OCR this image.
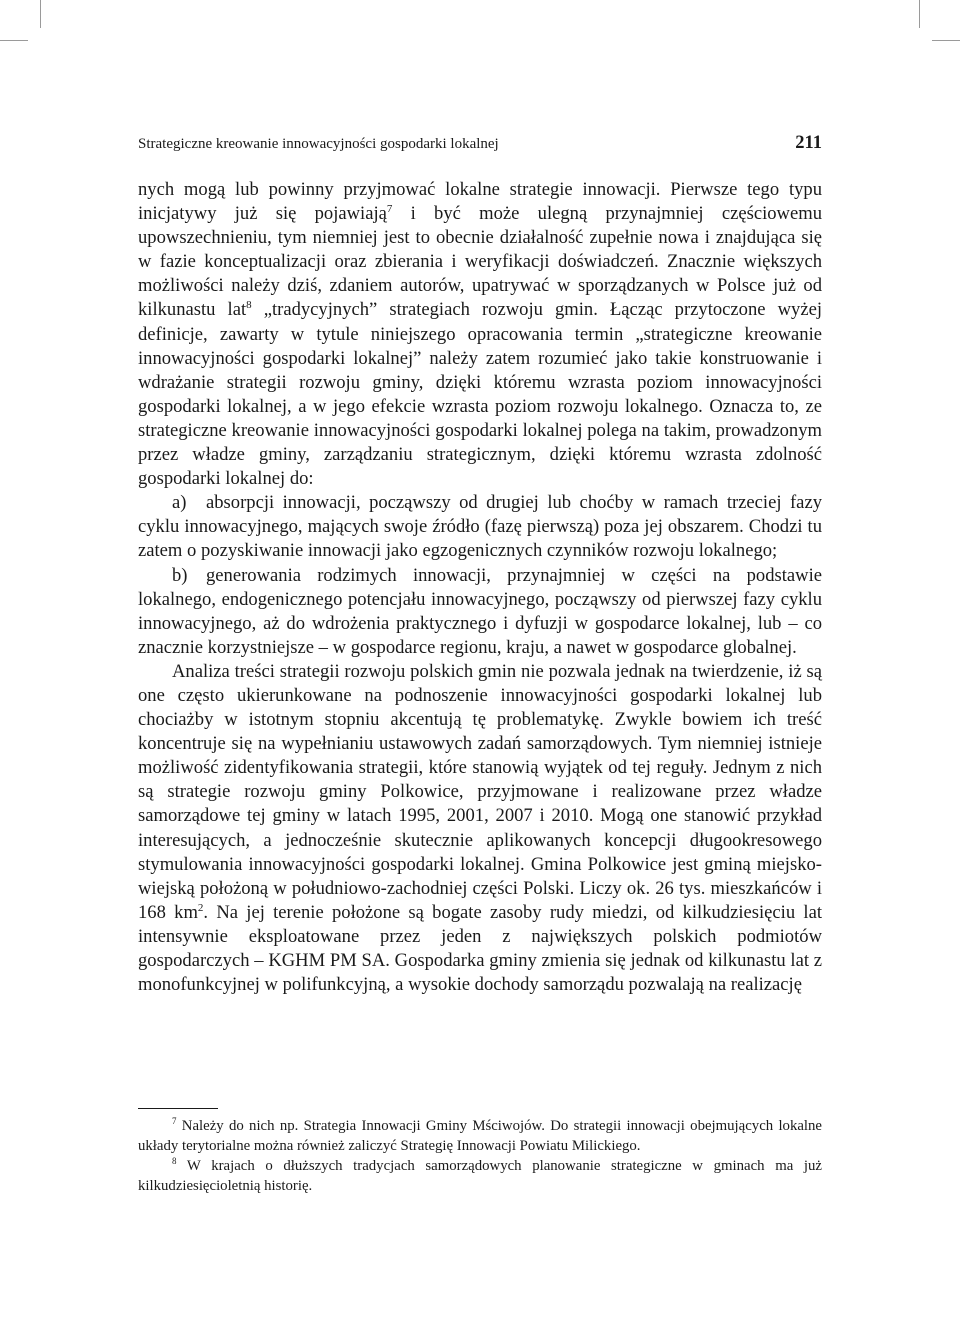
Strategiczne kreowanie innowacyjności gospodarki lokalnej	211

nych mogą lub powinny przyjmować lokalne strategie innowacji. Pierwsze tego typu inicjatywy już się pojawiają$^7$ i być może ulegną przynajmniej częściowemu upowszechnieniu, tym niemniej jest to obecnie działalność zupełnie nowa i znajdująca się w fazie konceptualizacji oraz zbierania i weryfikacji doświadczeń. Znacznie większych możliwości należy dziś, zdaniem autorów, upatrywać w sporządzanych w Polsce już od kilkunastu lat$^8$ „tradycyjnych” strategiach rozwoju gmin. Łącząc przytoczone wyżej definicje, zawarty w tytule niniejszego opracowania termin „strategiczne kreowanie innowacyjności gospodarki lokalnej” należy zatem rozumieć jako takie konstruowanie i wdrażanie strategii rozwoju gminy, dzięki któremu wzrasta poziom innowacyjności gospodarki lokalnej, a w jego efekcie wzrasta poziom rozwoju lokalnego. Oznacza to, ze strategiczne kreowanie innowacyjności gospodarki lokalnej polega na takim, prowadzonym przez władze gminy, zarządzaniu strategicznym, dzięki któremu wzrasta zdolność gospodarki lokalnej do:

a) absorpcji innowacji, począwszy od drugiej lub choćby w ramach trzeciej fazy cyklu innowacyjnego, mających swoje źródło (fazę pierwszą) poza jej obszarem. Chodzi tu zatem o pozyskiwanie innowacji jako egzogenicznych czynników rozwoju lokalnego;

b) generowania rodzimych innowacji, przynajmniej w części na podstawie lokalnego, endogenicznego potencjału innowacyjnego, począwszy od pierwszej fazy cyklu innowacyjnego, aż do wdrożenia praktycznego i dyfuzji w gospodarce lokalnej, lub – co znacznie korzystniejsze – w gospodarce regionu, kraju, a nawet w gospodarce globalnej.

Analiza treści strategii rozwoju polskich gmin nie pozwala jednak na twierdzenie, iż są one często ukierunkowane na podnoszenie innowacyjności gospodarki lokalnej lub chociażby w istotnym stopniu akcentują tę problematykę. Zwykle bowiem ich treść koncentruje się na wypełnianiu ustawowych zadań samorządowych. Tym niemniej istnieje możliwość zidentyfikowania strategii, które stanowią wyjątek od tej reguły. Jednym z nich są strategie rozwoju gminy Polkowice, przyjmowane i realizowane przez władze samorządowe tej gminy w latach 1995, 2001, 2007 i 2010. Mogą one stanowić przykład interesujących, a jednocześnie skutecznie aplikowanych koncepcji długookresowego stymulowania innowacyjności gospodarki lokalnej. Gmina Polkowice jest gminą miejsko-wiejską położoną w południowo-zachodniej części Polski. Liczy ok. 26 tys. mieszkańców i 168 $km^2$. Na jej terenie położone są bogate zasoby rudy miedzi, od kilkudziesięciu lat intensywnie eksploatowane przez jeden z największych polskich podmiotów gospodarczych – KGHM PM SA. Gospodarka gminy zmienia się jednak od kilkunastu lat z monofunkcyjnej w polifunkcyjną, a wysokie dochody samorządu pozwalają na realizację

$^7$ Należy do nich np. Strategia Innowacji Gminy Mściwojów. Do strategii innowacji obejmujących lokalne układy terytorialne można również zaliczyć Strategię Innowacji Powiatu Milickiego.

$^8$ W krajach o dłuższych tradycjach samorządowych planowanie strategiczne w gminach ma już kilkudziesięcioletnią historię.
